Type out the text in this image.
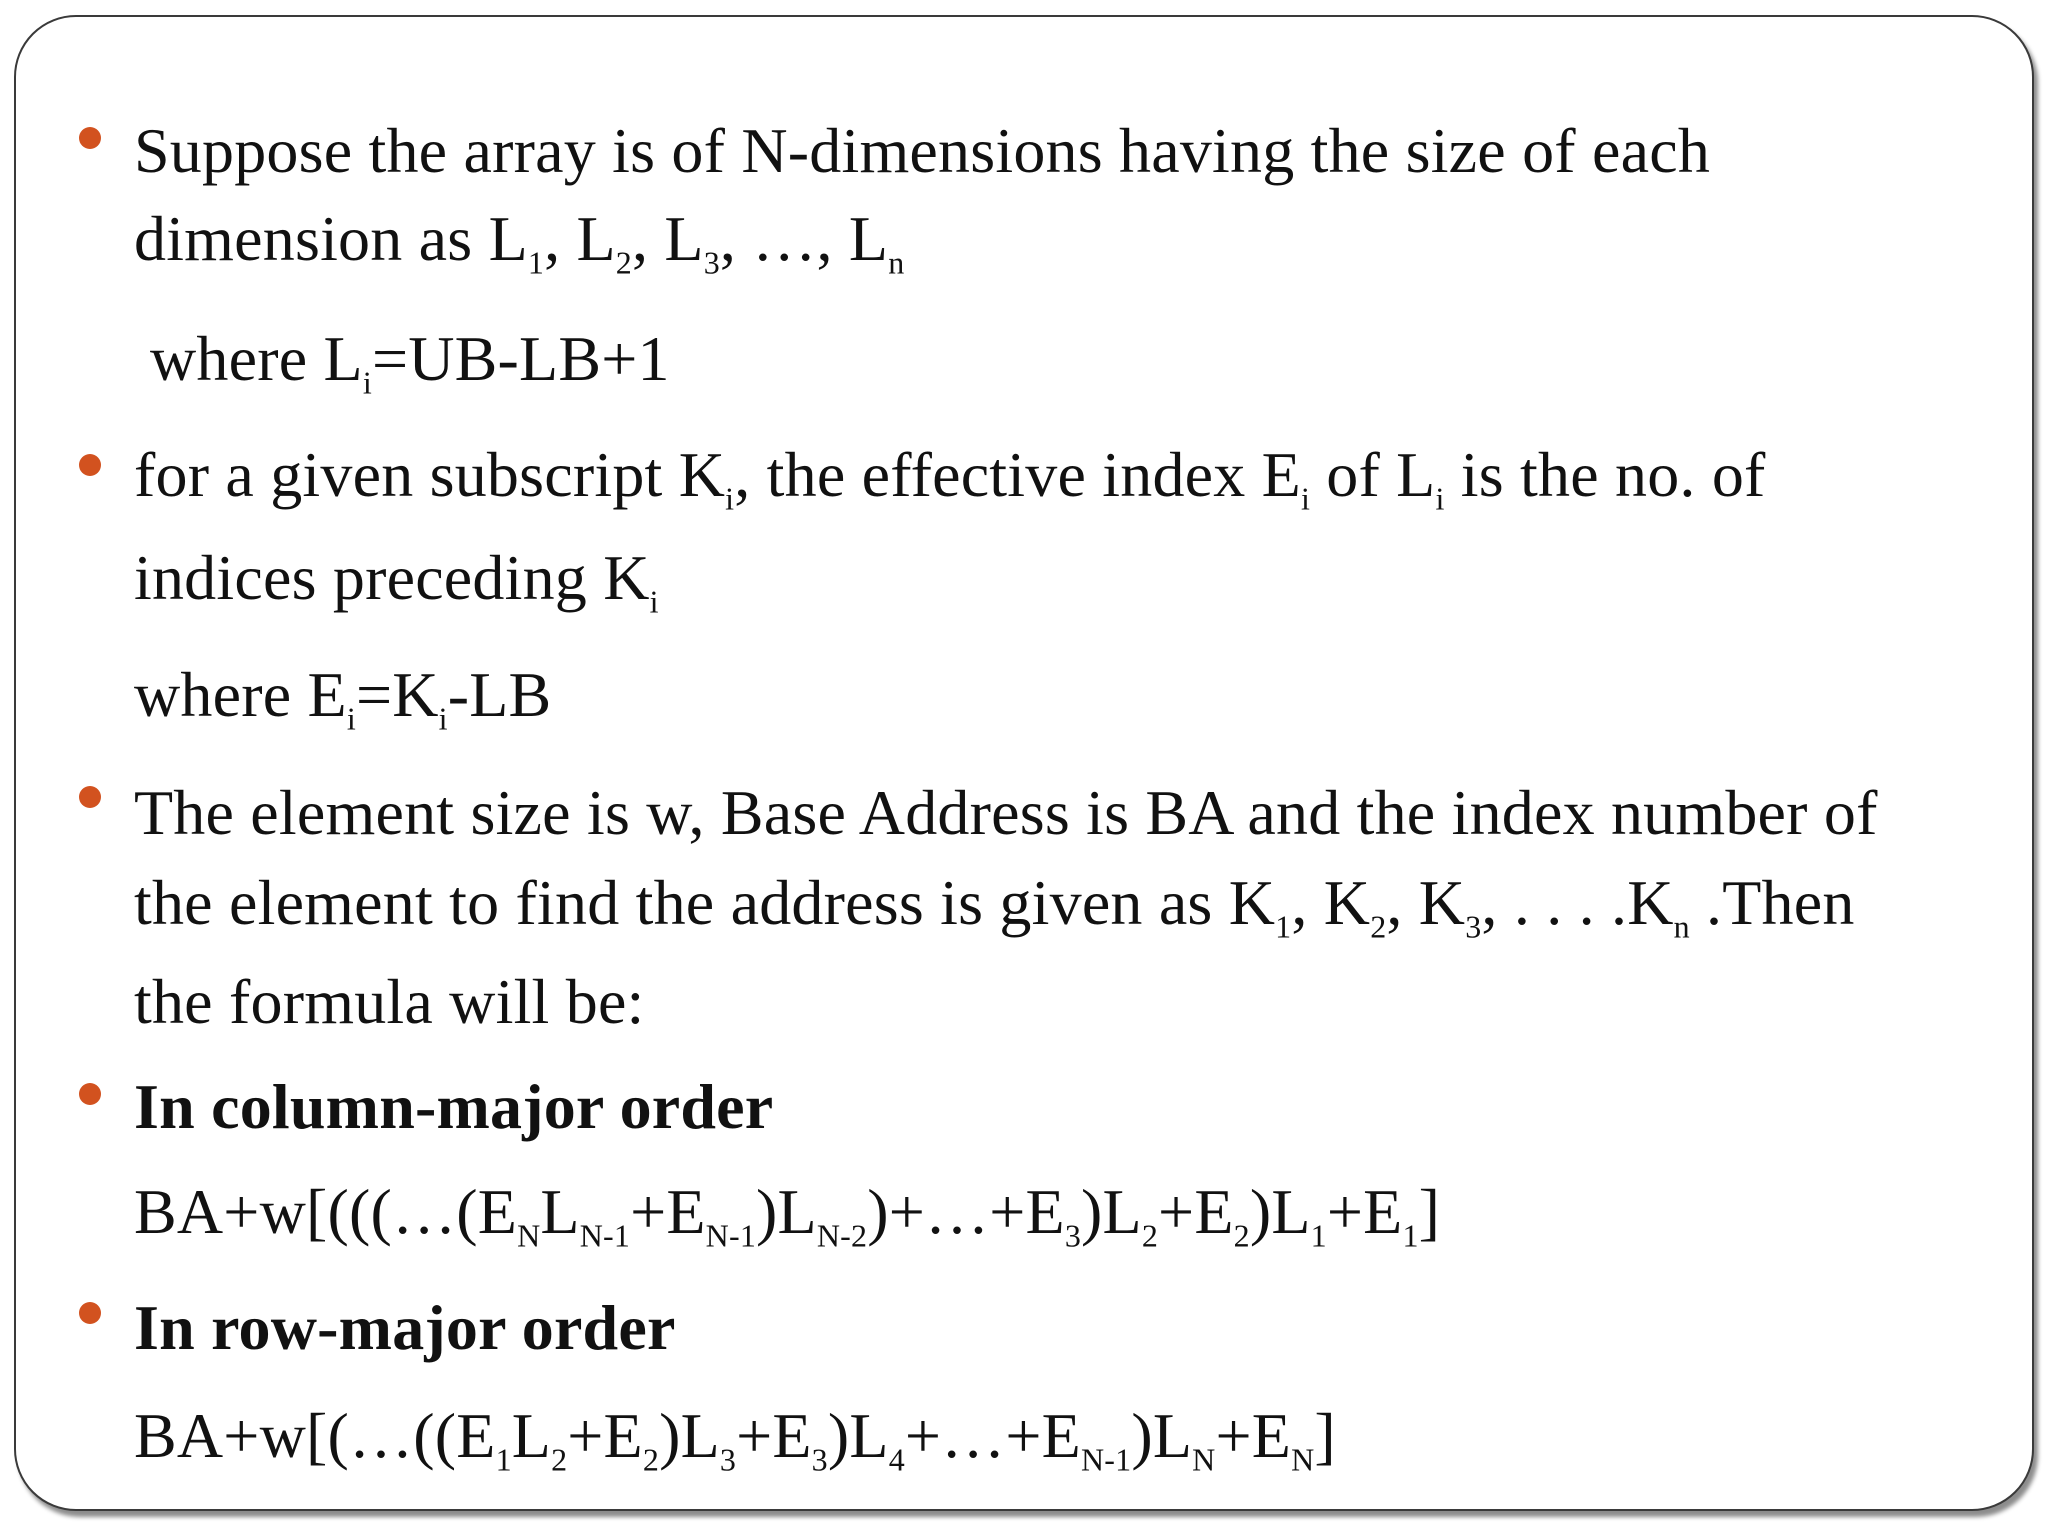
Suppose the array is of N-dimensions having the size of each
dimension as $L_1$, $L_2$, $L_3$, …, $L_n$
where $L_i=UB-LB+1$
for a given subscript $K_i$, the effective index $E_i$ of $L_i$ is the no. of
indices preceding $K_i$
where $E_i=K_i-LB$
The element size is w, Base Address is BA and the index number of
the element to find the address is given as $K_1$, $K_2$, $K_3$, . . . $.K_n$ .Then
the formula will be:
In column-major order
$BA+w[(((\dots(E_NL_{N-1}+E_{N-1})L_{N-2})+\dots+E_3)L_2+E_2)L_1+E_1]$
In row-major order
$BA+w[(\dots((E_1L_2+E_2)L_3+E_3)L_4+\dots+E_{N-1})L_N+E_N]$
